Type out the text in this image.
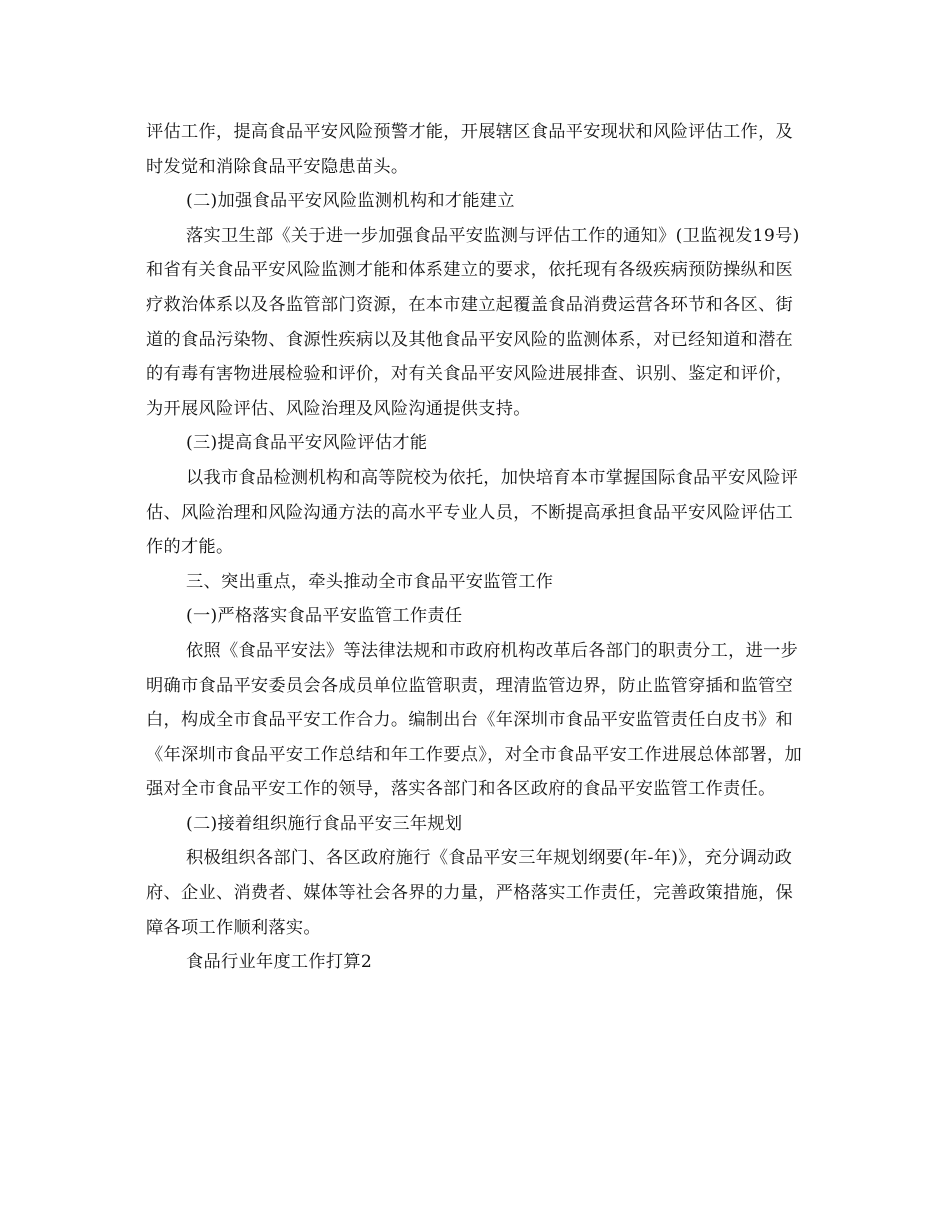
评估工作，提高食品平安风险预警才能，开展辖区食品平安现状和风险评估工作，及时发觉和消除食品平安隐患苗头。

(二)加强食品平安风险监测机构和才能建立

落实卫生部《关于进一步加强食品平安监测与评估工作的通知》(卫监视发19号)和省有关食品平安风险监测才能和体系建立的要求，依托现有各级疾病预防操纵和医疗救治体系以及各监管部门资源，在本市建立起覆盖食品消费运营各环节和各区、街道的食品污染物、食源性疾病以及其他食品平安风险的监测体系，对已经知道和潜在的有毒有害物进展检验和评价，对有关食品平安风险进展排查、识别、鉴定和评价，为开展风险评估、风险治理及风险沟通提供支持。

(三)提高食品平安风险评估才能

以我市食品检测机构和高等院校为依托，加快培育本市掌握国际食品平安风险评估、风险治理和风险沟通方法的高水平专业人员，不断提高承担食品平安风险评估工作的才能。

三、突出重点，牵头推动全市食品平安监管工作

(一)严格落实食品平安监管工作责任

依照《食品平安法》等法律法规和市政府机构改革后各部门的职责分工，进一步明确市食品平安委员会各成员单位监管职责，理清监管边界，防止监管穿插和监管空白，构成全市食品平安工作合力。编制出台《年深圳市食品平安监管责任白皮书》和《年深圳市食品平安工作总结和年工作要点》，对全市食品平安工作进展总体部署，加强对全市食品平安工作的领导，落实各部门和各区政府的食品平安监管工作责任。

(二)接着组织施行食品平安三年规划

积极组织各部门、各区政府施行《食品平安三年规划纲要(年-年)》，充分调动政府、企业、消费者、媒体等社会各界的力量，严格落实工作责任，完善政策措施，保障各项工作顺利落实。

食品行业年度工作打算2
